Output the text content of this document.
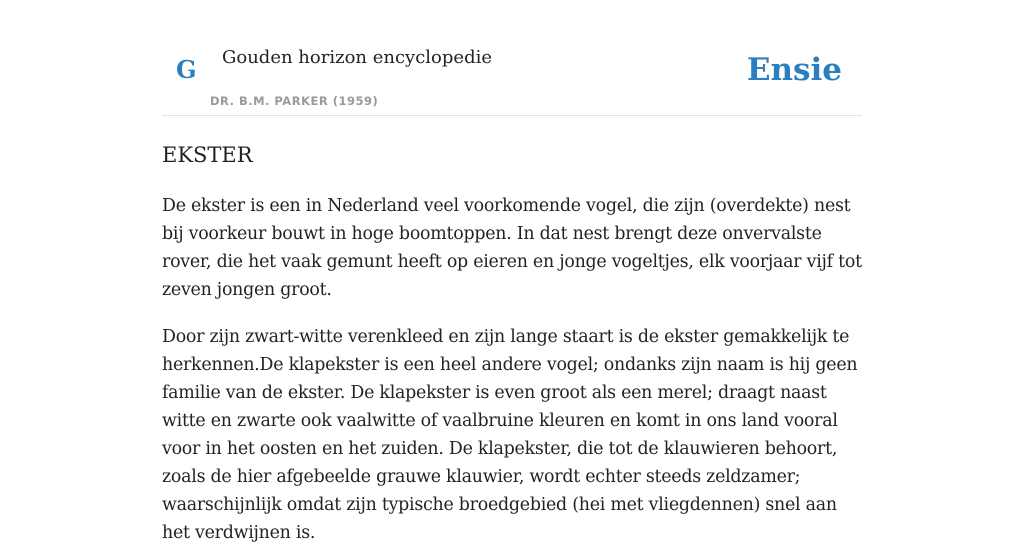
G Gouden horizon encyclopedie
DR. B.M. PARKER (1959)
Ensie
EKSTER

De ekster is een in Nederland veel voorkomende vogel, die zijn (overdekte) nest bij voorkeur bouwt in hoge boomtoppen. In dat nest brengt deze onvervalste rover, die het vaak gemunt heeft op eieren en jonge vogeltjes, elk voorjaar vijf tot zeven jongen groot.

Door zijn zwart-witte verenkleed en zijn lange staart is de ekster gemakkelijk te herkennen.De klapekster is een heel andere vogel; ondanks zijn naam is hij geen familie van de ekster. De klapekster is even groot als een merel; draagt naast witte en zwarte ook vaalwitte of vaalbruine kleuren en komt in ons land vooral voor in het oosten en het zuiden. De klapekster, die tot de klauwieren behoort, zoals de hier afgebeelde grauwe klauwier, wordt echter steeds zeldzamer; waarschijnlijk omdat zijn typische broedgebied (hei met vliegdennen) snel aan het verdwijnen is.
